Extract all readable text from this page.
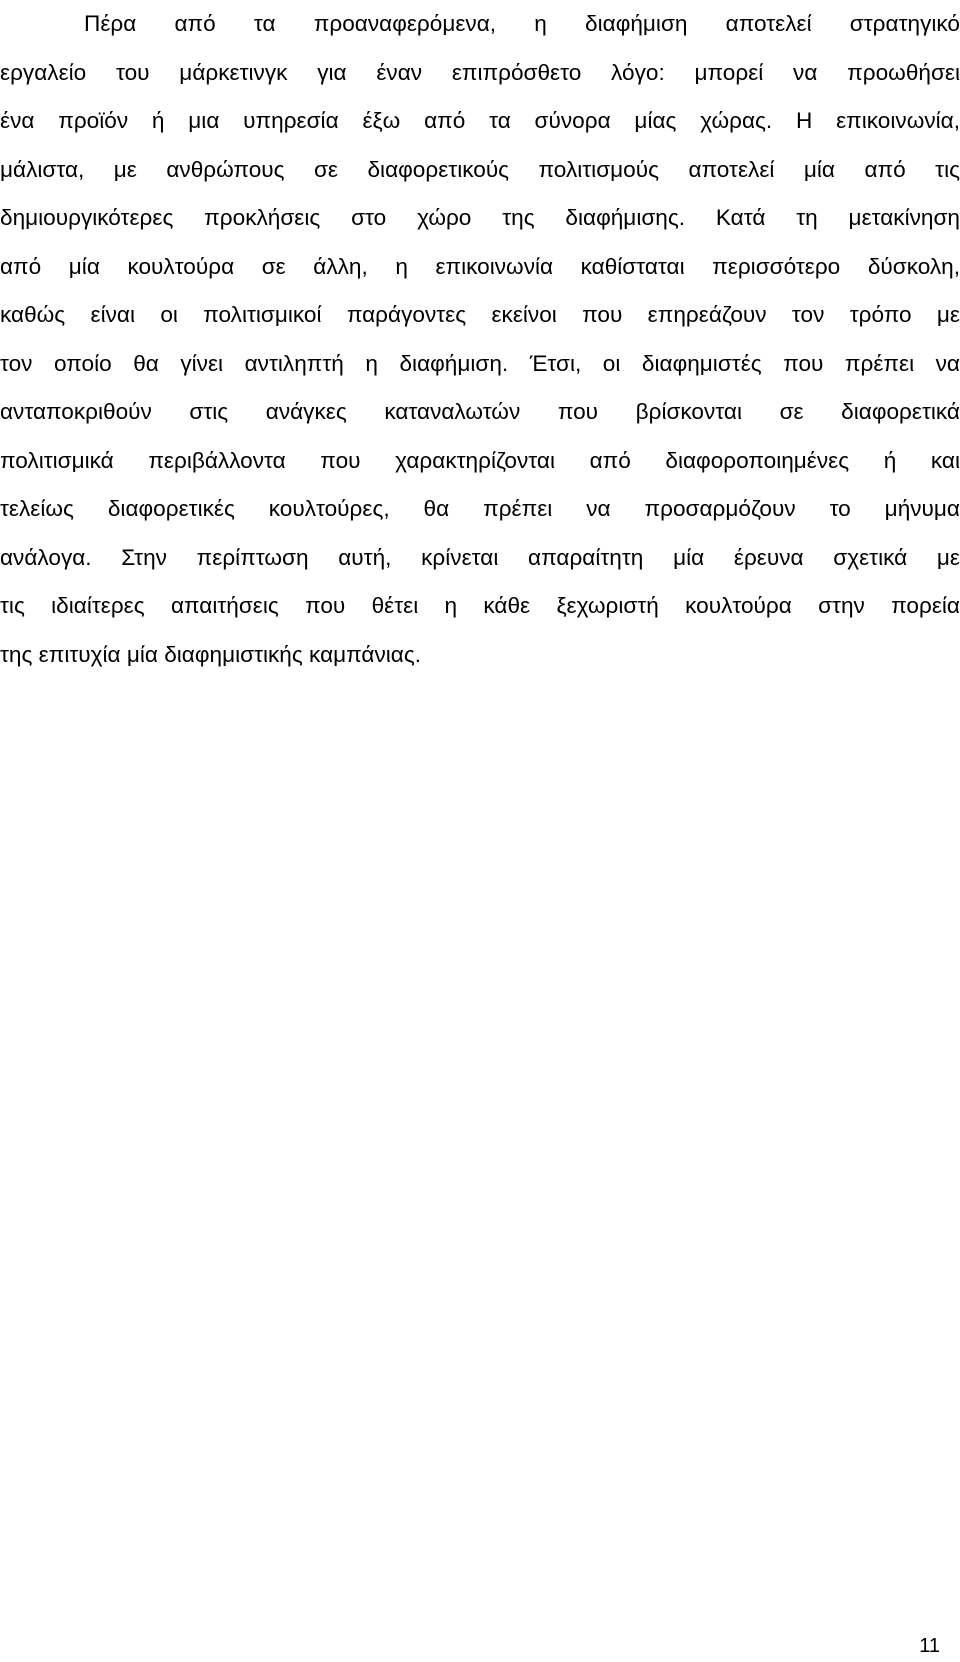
Πέρα από τα προαναφερόμενα, η διαφήμιση αποτελεί στρατηγικό
εργαλείο του μάρκετινγκ για έναν επιπρόσθετο λόγο: μπορεί να προωθήσει
ένα προϊόν ή μια υπηρεσία έξω από τα σύνορα μίας χώρας. Η επικοινωνία,
μάλιστα, με ανθρώπους σε διαφορετικούς πολιτισμούς αποτελεί μία από τις
δημιουργικότερες προκλήσεις στο χώρο της διαφήμισης. Κατά τη μετακίνηση
από μία κουλτούρα σε άλλη, η επικοινωνία καθίσταται περισσότερο δύσκολη,
καθώς είναι οι πολιτισμικοί παράγοντες εκείνοι που επηρεάζουν τον τρόπο με
τον οποίο θα γίνει αντιληπτή η διαφήμιση. Έτσι, οι διαφημιστές που πρέπει να
ανταποκριθούν στις ανάγκες καταναλωτών που βρίσκονται σε διαφορετικά
πολιτισμικά περιβάλλοντα που χαρακτηρίζονται από διαφοροποιημένες ή και
τελείως διαφορετικές κουλτούρες, θα πρέπει να προσαρμόζουν το μήνυμα
ανάλογα. Στην περίπτωση αυτή, κρίνεται απαραίτητη μία έρευνα σχετικά με
τις ιδιαίτερες απαιτήσεις που θέτει η κάθε ξεχωριστή κουλτούρα στην πορεία
της επιτυχία μία διαφημιστικής καμπάνιας.
11
